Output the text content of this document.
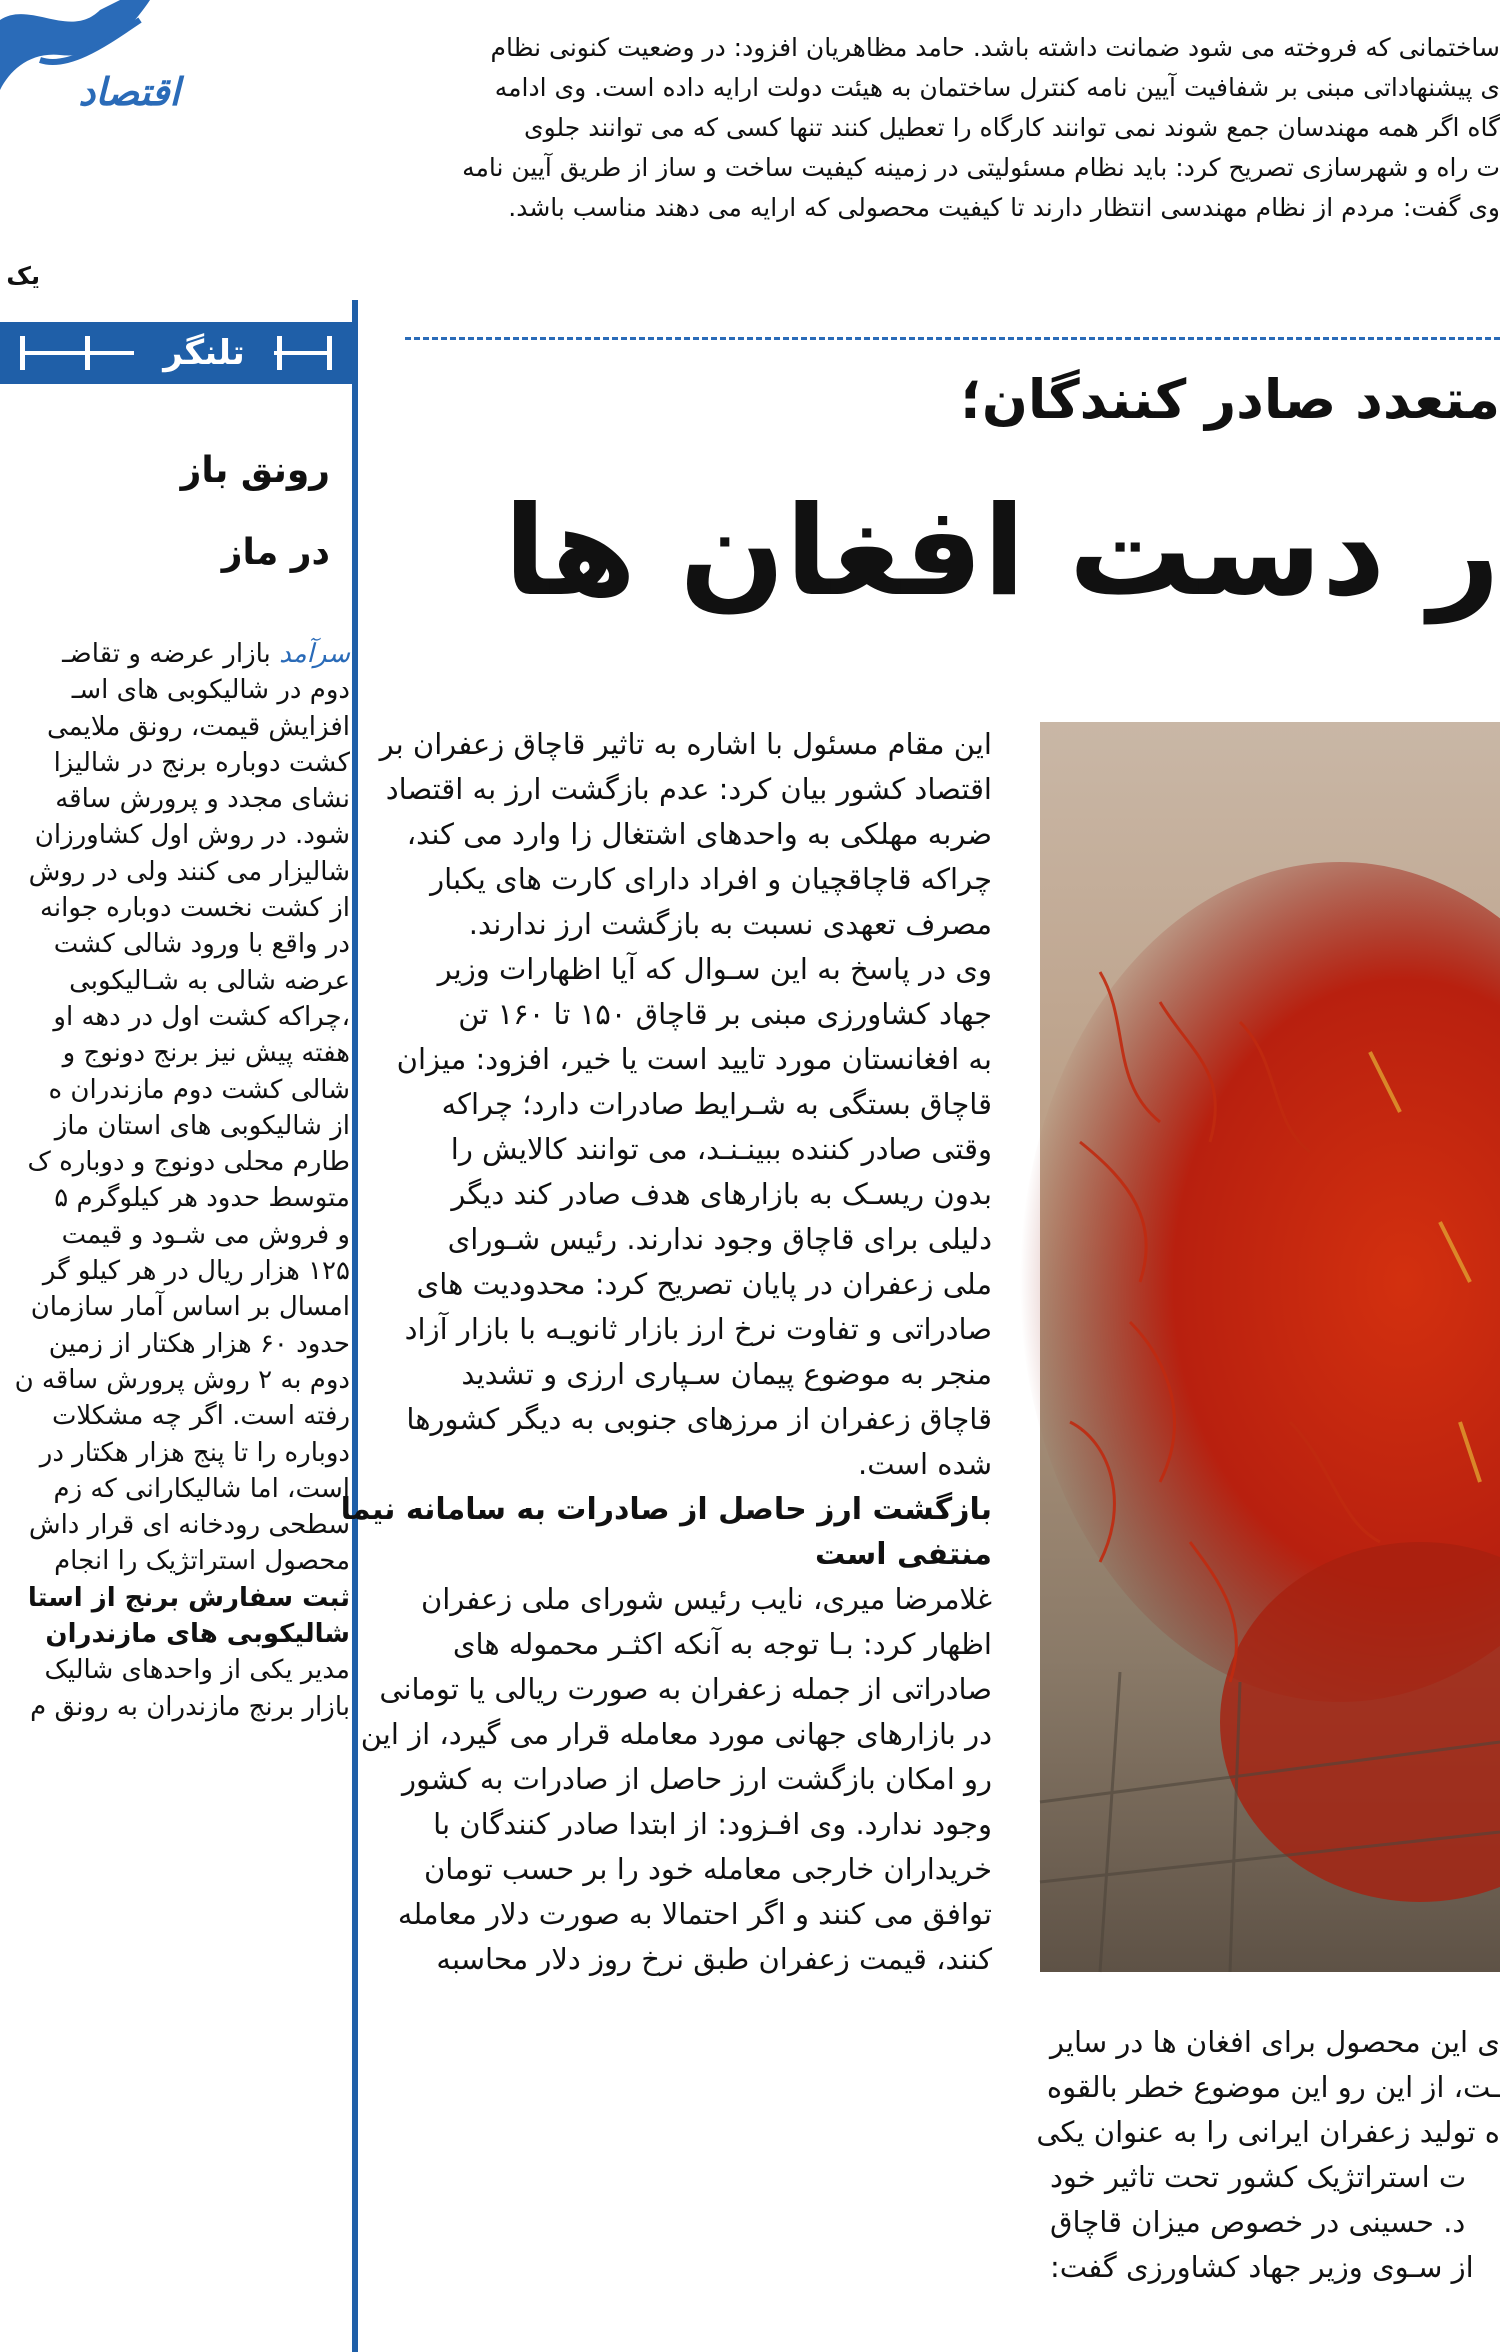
اقتصاد
یک
ساختمانی که فروخته می شود ضمانت داشته باشد. حامد مظاهریان افزود: در وضعیت کنونی نظام
ی پیشنهاداتی مبنی بر شفافیت آیین نامه کنترل ساختمان به هیئت دولت ارایه داده است. وی ادامه
گاه اگر همه مهندسان جمع شوند نمی توانند کارگاه را تعطیل کنند تنها کسی که می توانند جلوی
ت راه و شهرسازی تصریح کرد: باید نظام مسئولیتی در زمینه کیفیت ساخت و ساز از طریق آیین نامه
وی گفت: مردم از نظام مهندسی انتظار دارند تا کیفیت محصولی که ارایه می دهند مناسب باشد.
متعدد صادر کنندگان؛
ر دست افغان ها
تلنگر
رونق باز
در ماز
سرآمد بازار عرضه و تقاضـ
دوم در شالیکوبی های اسـ
افزایش قیمت، رونق ملایمی
کشت دوباره برنج در شالیزا
نشای مجدد و پرورش ساقه
شود. در روش اول کشاورزان
شالیزار می کنند ولی در روش
از کشت نخست دوباره جوانه
در واقع با ورود شالی کشت
عرضه شالی به شـالیکوبی
،چراکه کشت اول در دهه او
هفته پیش نیز برنج دونوج و
شالی کشت دوم مازندران ه
از شالیکوبی های استان ماز
طارم محلی دونوج و دوباره ک
متوسط حدود هر کیلوگرم ۵
و فروش می شـود و قیمت
۱۲۵ هزار ریال در هر کیلو گر
امسال بر اساس آمار سازمان
حدود ۶۰ هزار هکتار از زمین
دوم به ۲ روش پرورش ساقه ن
رفته است. اگر چه مشکلات
دوباره را تا پنج هزار هکتار در
است، اما شالیکارانی که زم
سطحی رودخانه ای قرار داش
محصول استراتژیک را انجام
ثبت سفارش برنج از استا
شالیکوبی های مازندران
مدیر یکی از واحدهای شالیک
بازار برنج مازندران به رونق م
این مقام مسئول با اشاره به تاثیر قاچاق زعفران بر
اقتصاد کشور بیان کرد: عدم بازگشت ارز به اقتصاد
ضربه مهلکی به واحدهای اشتغال زا وارد می کند،
چراکه قاچاقچیان و افراد دارای کارت های یکبار
مصرف تعهدی نسبت به بازگشت ارز ندارند.
وی در پاسخ به این سـوال که آیا اظهارات وزیر
جهاد کشاورزی مبنی بر قاچاق ۱۵۰ تا ۱۶۰ تن
به افغانستان مورد تایید است یا خیر، افزود: میزان
قاچاق بستگی به شـرایط صادرات دارد؛ چراکه
وقتی صادر کننده ببینـنـد، می توانند کالایش را
بدون ریسـک به بازارهای هدف صادر کند دیگر
دلیلی برای قاچاق وجود ندارند. رئیس شـورای
ملی زعفران در پایان تصریح کرد: محدودیت های
صادراتی و تفاوت نرخ ارز بازار ثانویـه با بازار آزاد
منجر به موضوع پیمان سـپاری ارزی و تشدید
قاچاق زعفران از مرزهای جنوبی به دیگر کشورها
شده است.
بازگشت ارز حاصل از صادرات به سامانه نیما
منتفی است
غلامرضا میری، نایب رئیس شورای ملی زعفران
اظهار کرد: بـا توجه به آنکه اکثـر محموله های
صادراتی از جمله زعفران به صورت ریالی یا تومانی
در بازارهای جهانی مورد معامله قرار می گیرد، از این
رو امکان بازگشت ارز حاصل از صادرات به کشور
وجود ندارد. وی افـزود: از ابتدا صادر کنندگان با
خریداران خارجی معامله خود را بر حسب تومان
توافق می کنند و اگر احتمالا به صورت دلار معامله
کنند، قیمت زعفران طبق نرخ روز دلار محاسبه
ی این محصول برای افغان ها در سایر
ـت، از این رو این موضوع خطر بالقوه
ه تولید زعفران ایرانی را به عنوان یکی
ت استراتژیک کشور تحت تاثیر خود
د. حسینی در خصوص میزان قاچاق
از سـوی وزیر جهاد کشاورزی گفت:
